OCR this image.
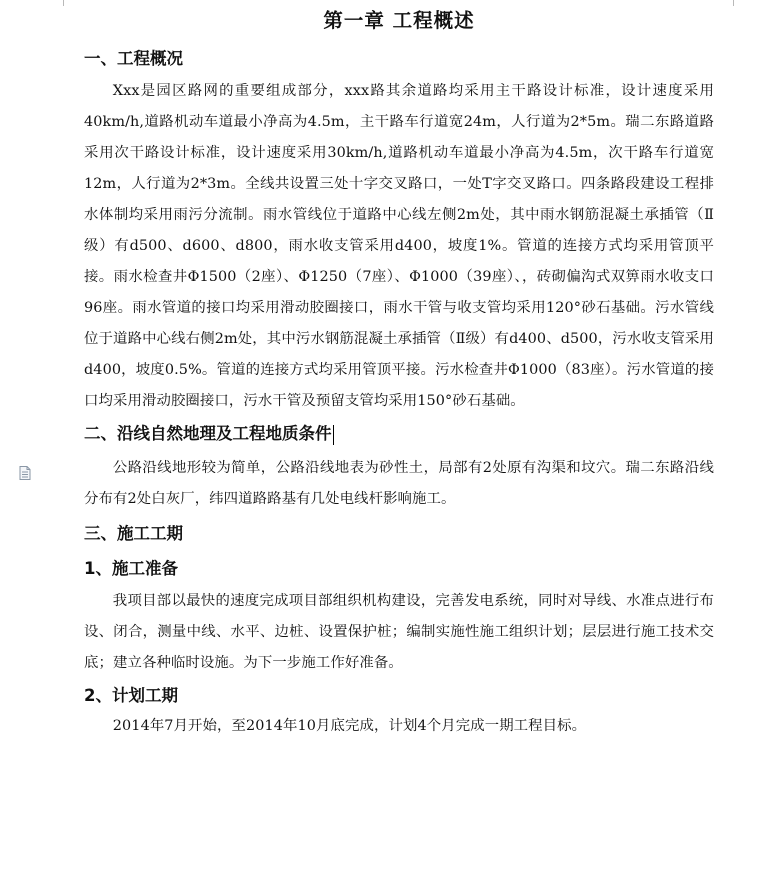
第一章 工程概述
一、工程概况

Xxx是园区路网的重要组成部分，xxx路其余道路均采用主干路设计标准，设计速度采用40km/h,道路机动车道最小净高为4.5m，主干路车行道宽24m，人行道为2*5m。瑞二东路道路采用次干路设计标准，设计速度采用30km/h,道路机动车道最小净高为4.5m，次干路车行道宽12m，人行道为2*3m。全线共设置三处十字交叉路口，一处T字交叉路口。四条路段建设工程排水体制均采用雨污分流制。雨水管线位于道路中心线左侧2m处，其中雨水钢筋混凝土承插管（Ⅱ级）有d500、d600、d800，雨水收支管采用d400，坡度1%。管道的连接方式均采用管顶平接。雨水检查井Φ1500（2座）、Φ1250（7座）、Φ1000（39座）、，砖砌偏沟式双箅雨水收支口96座。雨水管道的接口均采用滑动胶圈接口，雨水干管与收支管均采用120°砂石基础。污水管线位于道路中心线右侧2m处，其中污水钢筋混凝土承插管（Ⅱ级）有d400、d500，污水收支管采用d400，坡度0.5%。管道的连接方式均采用管顶平接。污水检查井Φ1000（83座）。污水管道的接口均采用滑动胶圈接口，污水干管及预留支管均采用150°砂石基础。

二、沿线自然地理及工程地质条件

公路沿线地形较为简单，公路沿线地表为砂性土，局部有2处原有沟渠和坟穴。瑞二东路沿线分布有2处白灰厂，纬四道路路基有几处电线杆影响施工。

三、施工工期
1、施工准备

我项目部以最快的速度完成项目部组织机构建设，完善发电系统，同时对导线、水准点进行布设、闭合，测量中线、水平、边桩、设置保护桩；编制实施性施工组织计划；层层进行施工技术交底；建立各种临时设施。为下一步施工作好准备。

2、计划工期

2014年7月开始，至2014年10月底完成，计划4个月完成一期工程目标。
